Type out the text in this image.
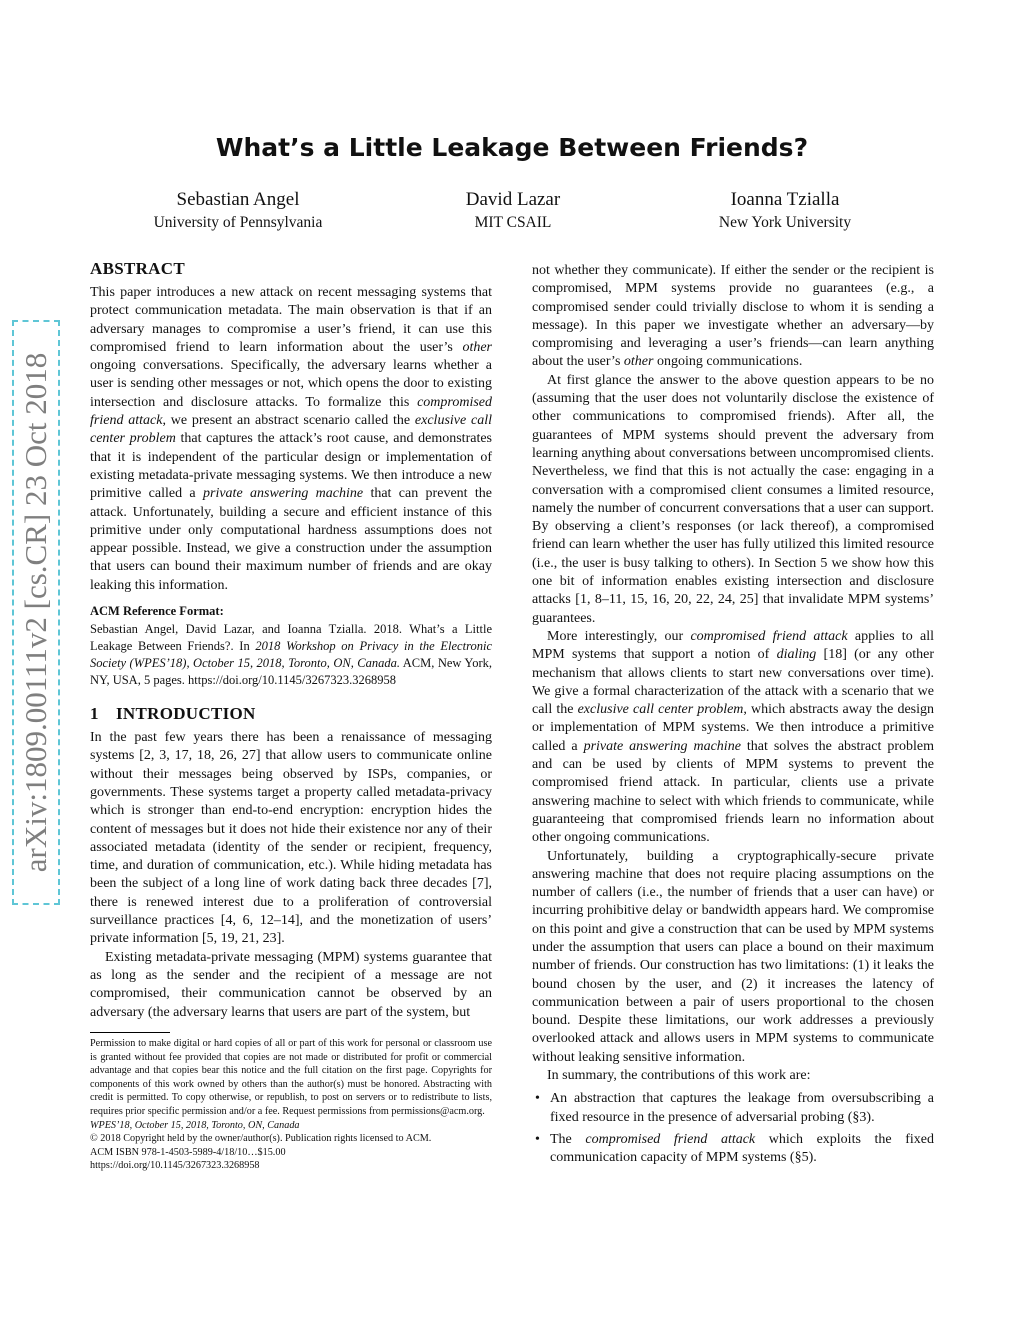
arXiv:1809.00111v2 [cs.CR] 23 Oct 2018
What’s a Little Leakage Between Friends?
Sebastian Angel
University of Pennsylvania
David Lazar
MIT CSAIL
Ioanna Tzialla
New York University
ABSTRACT

This paper introduces a new attack on recent messaging systems that protect communication metadata. The main observation is that if an adversary manages to compromise a user’s friend, it can use this compromised friend to learn information about the user’s other ongoing conversations. Specifically, the adversary learns whether a user is sending other messages or not, which opens the door to existing intersection and disclosure attacks. To formalize this compromised friend attack, we present an abstract scenario called the exclusive call center problem that captures the attack’s root cause, and demonstrates that it is independent of the particular design or implementation of existing metadata-private messaging systems. We then introduce a new primitive called a private answering machine that can prevent the attack. Unfortunately, building a secure and efficient instance of this primitive under only computational hardness assumptions does not appear possible. Instead, we give a construction under the assumption that users can bound their maximum number of friends and are okay leaking this information.

ACM Reference Format:

Sebastian Angel, David Lazar, and Ioanna Tzialla. 2018. What’s a Little Leakage Between Friends?. In 2018 Workshop on Privacy in the Electronic Society (WPES’18), October 15, 2018, Toronto, ON, Canada. ACM, New York, NY, USA, 5 pages. https://doi.org/10.1145/3267323.3268958

1 INTRODUCTION

In the past few years there has been a renaissance of messaging systems [2, 3, 17, 18, 26, 27] that allow users to communicate online without their messages being observed by ISPs, companies, or governments. These systems target a property called metadata-privacy which is stronger than end-to-end encryption: encryption hides the content of messages but it does not hide their existence nor any of their associated metadata (identity of the sender or recipient, frequency, time, and duration of communication, etc.). While hiding metadata has been the subject of a long line of work dating back three decades [7], there is renewed interest due to a proliferation of controversial surveillance practices [4, 6, 12–14], and the monetization of users’ private information [5, 19, 21, 23].

Existing metadata-private messaging (MPM) systems guarantee that as long as the sender and the recipient of a message are not compromised, their communication cannot be observed by an adversary (the adversary learns that users are part of the system, but

Permission to make digital or hard copies of all or part of this work for personal or classroom use is granted without fee provided that copies are not made or distributed for profit or commercial advantage and that copies bear this notice and the full citation on the first page. Copyrights for components of this work owned by others than the author(s) must be honored. Abstracting with credit is permitted. To copy otherwise, or republish, to post on servers or to redistribute to lists, requires prior specific permission and/or a fee. Request permissions from permissions@acm.org.

WPES’18, October 15, 2018, Toronto, ON, Canada

© 2018 Copyright held by the owner/author(s). Publication rights licensed to ACM.

ACM ISBN 978-1-4503-5989-4/18/10…$15.00

https://doi.org/10.1145/3267323.3268958

not whether they communicate). If either the sender or the recipient is compromised, MPM systems provide no guarantees (e.g., a compromised sender could trivially disclose to whom it is sending a message). In this paper we investigate whether an adversary—by compromising and leveraging a user’s friends—can learn anything about the user’s other ongoing communications.

At first glance the answer to the above question appears to be no (assuming that the user does not voluntarily disclose the existence of other communications to compromised friends). After all, the guarantees of MPM systems should prevent the adversary from learning anything about conversations between uncompromised clients. Nevertheless, we find that this is not actually the case: engaging in a conversation with a compromised client consumes a limited resource, namely the number of concurrent conversations that a user can support. By observing a client’s responses (or lack thereof), a compromised friend can learn whether the user has fully utilized this limited resource (i.e., the user is busy talking to others). In Section 5 we show how this one bit of information enables existing intersection and disclosure attacks [1, 8–11, 15, 16, 20, 22, 24, 25] that invalidate MPM systems’ guarantees.

More interestingly, our compromised friend attack applies to all MPM systems that support a notion of dialing [18] (or any other mechanism that allows clients to start new conversations over time). We give a formal characterization of the attack with a scenario that we call the exclusive call center problem, which abstracts away the design or implementation of MPM systems. We then introduce a primitive called a private answering machine that solves the abstract problem and can be used by clients of MPM systems to prevent the compromised friend attack. In particular, clients use a private answering machine to select with which friends to communicate, while guaranteeing that compromised friends learn no information about other ongoing communications.

Unfortunately, building a cryptographically-secure private answering machine that does not require placing assumptions on the number of callers (i.e., the number of friends that a user can have) or incurring prohibitive delay or bandwidth appears hard. We compromise on this point and give a construction that can be used by MPM systems under the assumption that users can place a bound on their maximum number of friends. Our construction has two limitations: (1) it leaks the bound chosen by the user, and (2) it increases the latency of communication between a pair of users proportional to the chosen bound. Despite these limitations, our work addresses a previously overlooked attack and allows users in MPM systems to communicate without leaking sensitive information.

In summary, the contributions of this work are:

• An abstraction that captures the leakage from oversubscribing a fixed resource in the presence of adversarial probing (§3).
• The compromised friend attack which exploits the fixed communication capacity of MPM systems (§5).
